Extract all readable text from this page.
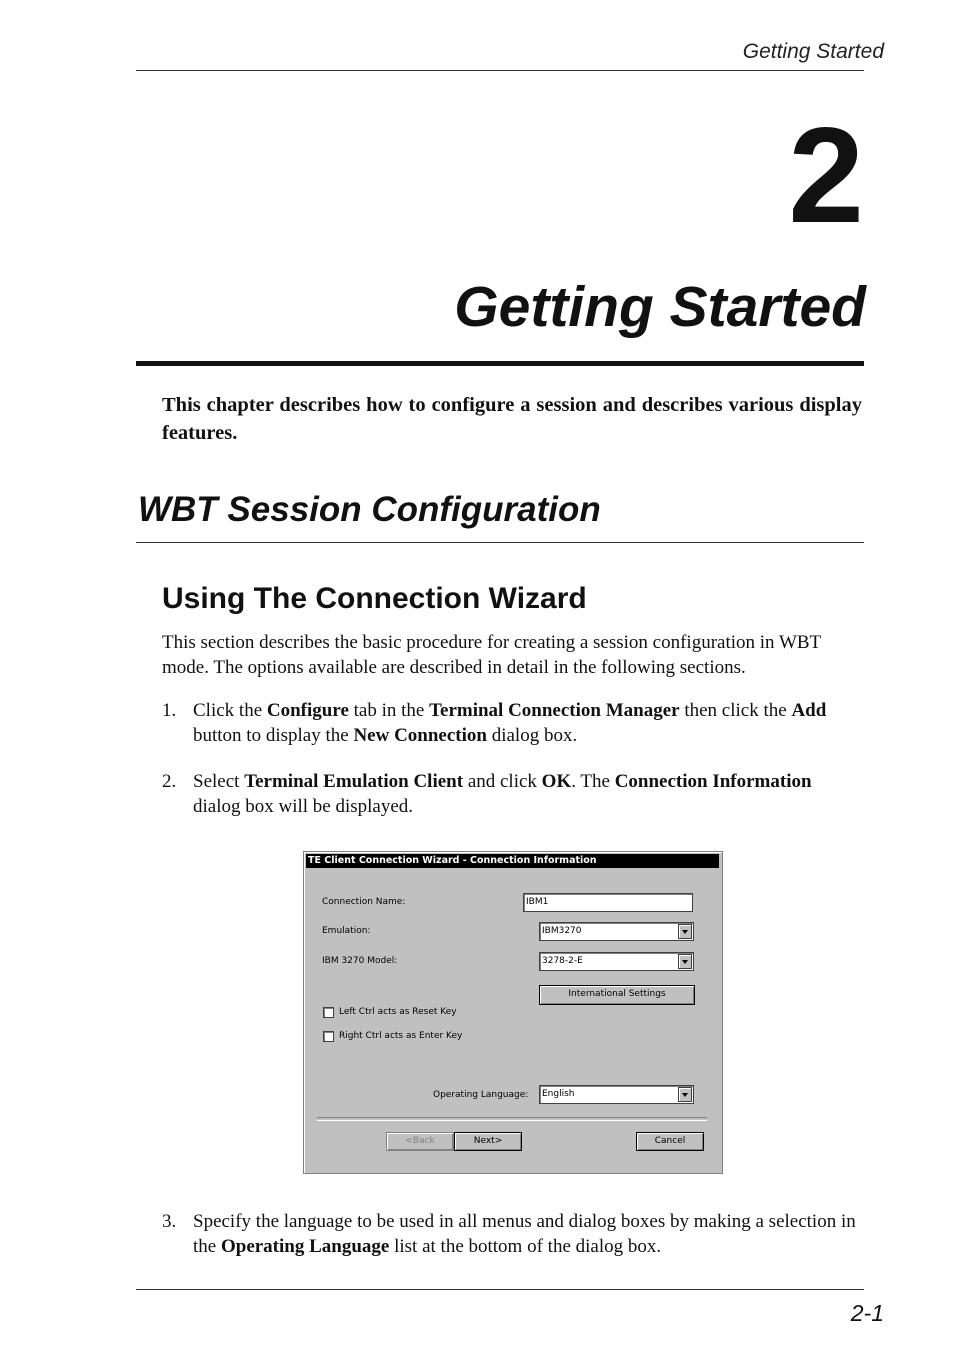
Getting Started
2
Getting Started
This chapter describes how to configure a session and describes various display features.
WBT Session Configuration
Using The Connection Wizard
This section describes the basic procedure for creating a session configuration in WBT mode. The options available are described in detail in the following sections.
1. Click the Configure tab in the Terminal Connection Manager then click the Add button to display the New Connection dialog box.
2. Select Terminal Emulation Client and click OK. The Connection Information dialog box will be displayed.
TE Client Connection Wizard - Connection Information
Connection Name:	IBM1
Emulation:	IBM3270
IBM 3270 Model:	3278-2-E
International Settings
Left Ctrl acts as Reset Key
Right Ctrl acts as Enter Key
Operating Language:	English
<Back	Next>	Cancel
3. Specify the language to be used in all menus and dialog boxes by making a selection in the Operating Language list at the bottom of the dialog box.
2-1
